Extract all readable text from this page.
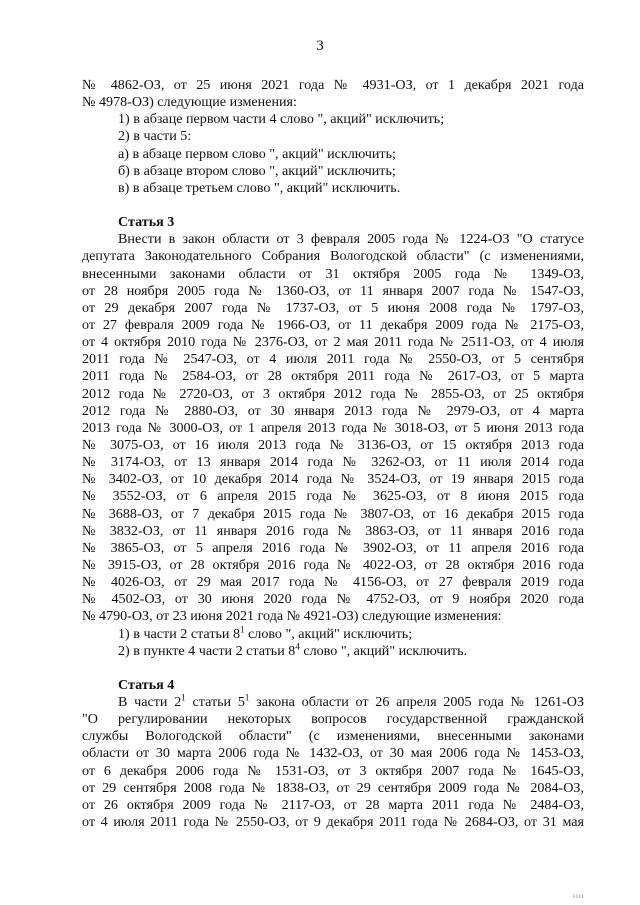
3
№ 4862-ОЗ, от 25 июня 2021 года № 4931-ОЗ, от 1 декабря 2021 года
№ 4978-ОЗ) следующие изменения:
1) в абзаце первом части 4 слово ", акций" исключить;
2) в части 5:
а) в абзаце первом слово ", акций" исключить;
б) в абзаце втором слово ", акций" исключить;
в) в абзаце третьем слово ", акций" исключить.
Статья 3
Внести в закон области от 3 февраля 2005 года № 1224-ОЗ "О статусе
депутата Законодательного Собрания Вологодской области" (с изменениями,
внесенными законами области от 31 октября 2005 года № 1349-ОЗ,
от 28 ноября 2005 года № 1360-ОЗ, от 11 января 2007 года № 1547-ОЗ,
от 29 декабря 2007 года № 1737-ОЗ, от 5 июня 2008 года № 1797-ОЗ,
от 27 февраля 2009 года № 1966-ОЗ, от 11 декабря 2009 года № 2175-ОЗ,
от 4 октября 2010 года № 2376-ОЗ, от 2 мая 2011 года № 2511-ОЗ, от 4 июля
2011 года № 2547-ОЗ, от 4 июля 2011 года № 2550-ОЗ, от 5 сентября
2011 года № 2584-ОЗ, от 28 октября 2011 года № 2617-ОЗ, от 5 марта
2012 года № 2720-ОЗ, от 3 октября 2012 года № 2855-ОЗ, от 25 октября
2012 года № 2880-ОЗ, от 30 января 2013 года № 2979-ОЗ, от 4 марта
2013 года № 3000-ОЗ, от 1 апреля 2013 года № 3018-ОЗ, от 5 июня 2013 года
№ 3075-ОЗ, от 16 июля 2013 года № 3136-ОЗ, от 15 октября 2013 года
№ 3174-ОЗ, от 13 января 2014 года № 3262-ОЗ, от 11 июля 2014 года
№ 3402-ОЗ, от 10 декабря 2014 года № 3524-ОЗ, от 19 января 2015 года
№ 3552-ОЗ, от 6 апреля 2015 года № 3625-ОЗ, от 8 июня 2015 года
№ 3688-ОЗ, от 7 декабря 2015 года № 3807-ОЗ, от 16 декабря 2015 года
№ 3832-ОЗ, от 11 января 2016 года № 3863-ОЗ, от 11 января 2016 года
№ 3865-ОЗ, от 5 апреля 2016 года № 3902-ОЗ, от 11 апреля 2016 года
№ 3915-ОЗ, от 28 октября 2016 года № 4022-ОЗ, от 28 октября 2016 года
№ 4026-ОЗ, от 29 мая 2017 года № 4156-ОЗ, от 27 февраля 2019 года
№ 4502-ОЗ, от 30 июня 2020 года № 4752-ОЗ, от 9 ноября 2020 года
№ 4790-ОЗ, от 23 июня 2021 года № 4921-ОЗ) следующие изменения:
1) в части 2 статьи $8^1$ слово ", акций" исключить;
2) в пункте 4 части 2 статьи $8^4$ слово ", акций" исключить.
Статья 4
В части $2^1$ статьи $5^1$ закона области от 26 апреля 2005 года № 1261-ОЗ
"О регулировании некоторых вопросов государственной гражданской
службы Вологодской области" (с изменениями, внесенными законами
области от 30 марта 2006 года № 1432-ОЗ, от 30 мая 2006 года № 1453-ОЗ,
от 6 декабря 2006 года № 1531-ОЗ, от 3 октября 2007 года № 1645-ОЗ,
от 29 сентября 2008 года № 1838-ОЗ, от 29 сентября 2009 года № 2084-ОЗ,
от 26 октября 2009 года № 2117-ОЗ, от 28 марта 2011 года № 2484-ОЗ,
от 4 июля 2011 года № 2550-ОЗ, от 9 декабря 2011 года № 2684-ОЗ, от 31 мая
ıııı
